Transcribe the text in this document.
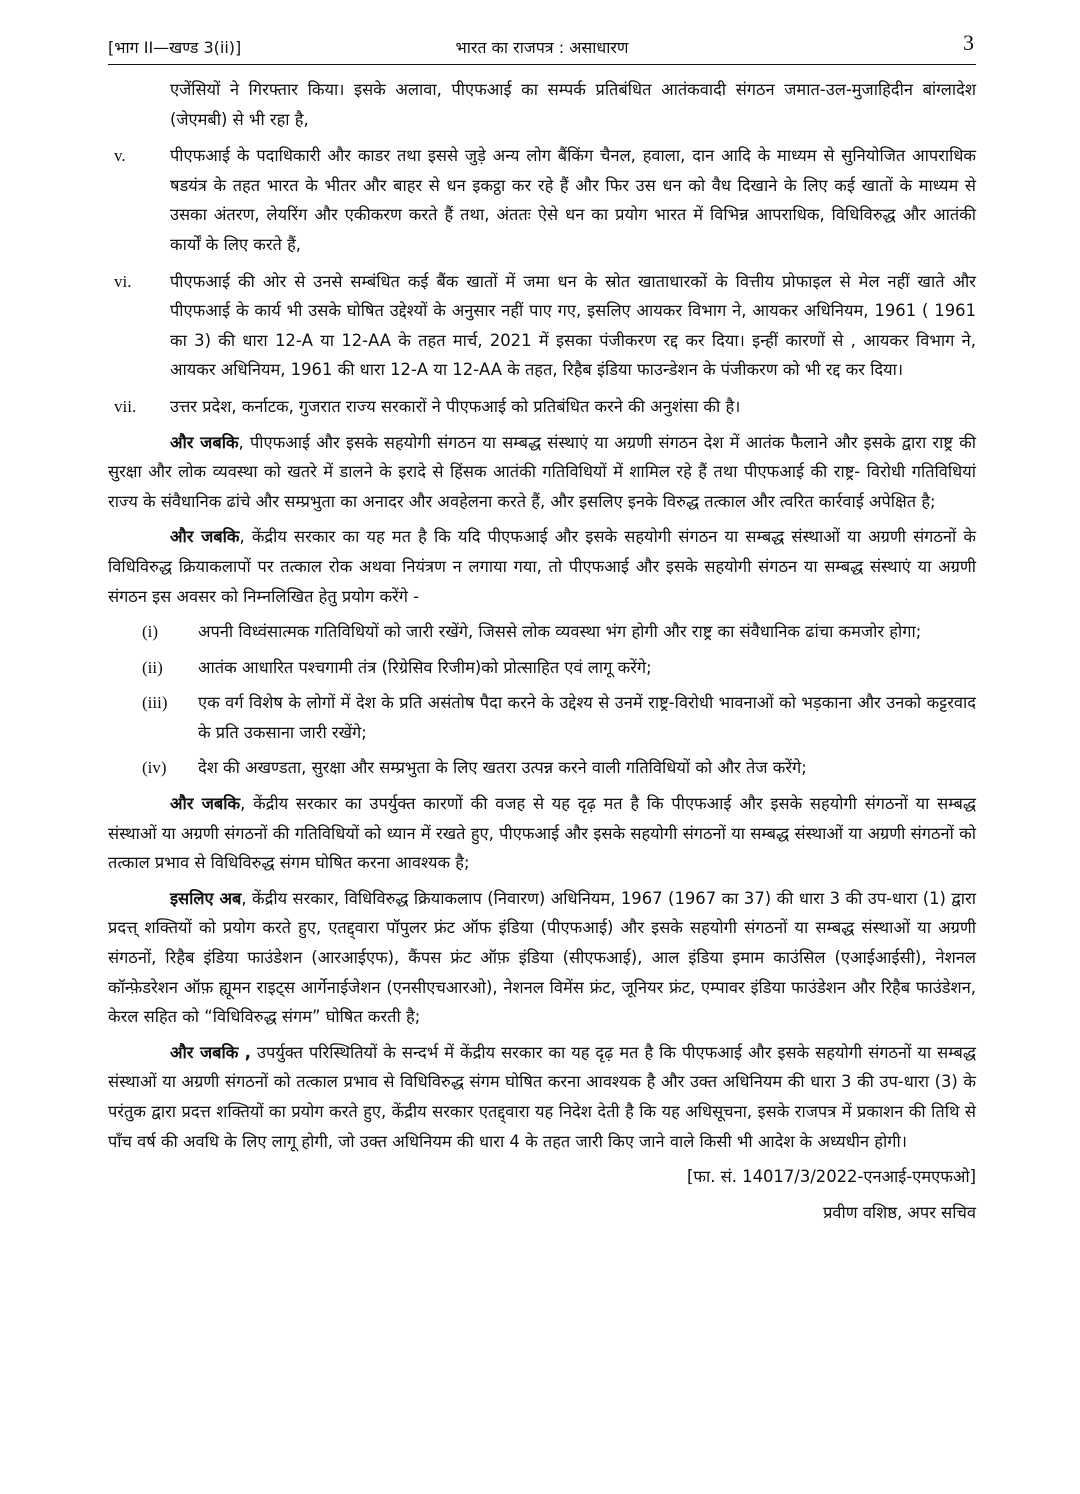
[भाग II—खण्ड 3(ii)]	भारत का राजपत्र : असाधारण	3
एजेंसियों ने गिरफ्तार किया। इसके अलावा, पीएफआई का सम्पर्क प्रतिबंधित आतंकवादी संगठन जमात-उल-मुजाहिदीन बांग्लादेश (जेएमबी) से भी रहा है,
v.	पीएफआई के पदाधिकारी और काडर तथा इससे जुड़े अन्य लोग बैंकिंग चैनल, हवाला, दान आदि के माध्यम से सुनियोजित आपराधिक षडयंत्र के तहत भारत के भीतर और बाहर से धन इकट्ठा कर रहे हैं और फिर उस धन को वैध दिखाने के लिए कई खातों के माध्यम से उसका अंतरण, लेयरिंग और एकीकरण करते हैं तथा, अंततः ऐसे धन का प्रयोग भारत में विभिन्न आपराधिक, विधिविरुद्ध और आतंकी कार्यों के लिए करते हैं,
vi.	पीएफआई की ओर से उनसे सम्बंधित कई बैंक खातों में जमा धन के स्रोत खाताधारकों के वित्तीय प्रोफाइल से मेल नहीं खाते और पीएफआई के कार्य भी उसके घोषित उद्देश्यों के अनुसार नहीं पाए गए, इसलिए आयकर विभाग ने, आयकर अधिनियम, 1961 ( 1961 का 3) की धारा 12-A या 12-AA के तहत मार्च, 2021 में इसका पंजीकरण रद्द कर दिया। इन्हीं कारणों से , आयकर विभाग ने, आयकर अधिनियम, 1961 की धारा 12-A या 12-AA के तहत, रिहैब इंडिया फाउन्डेशन के पंजीकरण को भी रद्द कर दिया।
vii.	उत्तर प्रदेश, कर्नाटक, गुजरात राज्य सरकारों ने पीएफआई को प्रतिबंधित करने की अनुशंसा की है।
और जबकि, पीएफआई और इसके सहयोगी संगठन या सम्बद्ध संस्थाएं या अग्रणी संगठन देश में आतंक फैलाने और इसके द्वारा राष्ट्र की सुरक्षा और लोक व्यवस्था को खतरे में डालने के इरादे से हिंसक आतंकी गतिविधियों में शामिल रहे हैं तथा पीएफआई की राष्ट्र- विरोधी गतिविधियां राज्य के संवैधानिक ढांचे और सम्प्रभुता का अनादर और अवहेलना करते हैं, और इसलिए इनके विरुद्ध तत्काल और त्वरित कार्रवाई अपेक्षित है;
और जबकि, केंद्रीय सरकार का यह मत है कि यदि पीएफआई और इसके सहयोगी संगठन या सम्बद्ध संस्थाओं या अग्रणी संगठनों के विधिविरुद्ध क्रियाकलापों पर तत्काल रोक अथवा नियंत्रण न लगाया गया, तो पीएफआई और इसके सहयोगी संगठन या सम्बद्ध संस्थाएं या अग्रणी संगठन इस अवसर को निम्नलिखित हेतु प्रयोग करेंगे -
(i)	अपनी विध्वंसात्मक गतिविधियों को जारी रखेंगे, जिससे लोक व्यवस्था भंग होगी और राष्ट्र का संवैधानिक ढांचा कमजोर होगा;
(ii)	आतंक आधारित पश्चगामी तंत्र (रिग्रेसिव रिजीम)को प्रोत्साहित एवं लागू करेंगे;
(iii)	एक वर्ग विशेष के लोगों में देश के प्रति असंतोष पैदा करने के उद्देश्य से उनमें राष्ट्र-विरोधी भावनाओं को भड़काना और उनको कट्टरवाद के प्रति उकसाना जारी रखेंगे;
(iv)	देश की अखण्डता, सुरक्षा और सम्प्रभुता के लिए खतरा उत्पन्न करने वाली गतिविधियों को और तेज करेंगे;
और जबकि, केंद्रीय सरकार का उपर्युक्त कारणों की वजह से यह दृढ़ मत है कि पीएफआई और इसके सहयोगी संगठनों या सम्बद्ध संस्थाओं या अग्रणी संगठनों की गतिविधियों को ध्यान में रखते हुए, पीएफआई और इसके सहयोगी संगठनों या सम्बद्ध संस्थाओं या अग्रणी संगठनों को तत्काल प्रभाव से विधिविरुद्ध संगम घोषित करना आवश्यक है;
इसलिए अब, केंद्रीय सरकार, विधिविरुद्ध क्रियाकलाप (निवारण) अधिनियम, 1967 (1967 का 37) की धारा 3 की उप-धारा (1) द्वारा प्रदत्त् शक्तियों को प्रयोग करते हुए, एतद्द्वारा पॉपुलर फ्रंट ऑफ इंडिया (पीएफआई) और इसके सहयोगी संगठनों या सम्बद्ध संस्थाओं या अग्रणी संगठनों, रिहैब इंडिया फाउंडेशन (आरआईएफ), कैंपस फ्रंट ऑफ़ इंडिया (सीएफआई), आल इंडिया इमाम काउंसिल (एआईआईसी), नेशनल कॉन्फ़ेडरेशन ऑफ़ ह्यूमन राइट्स आर्गेनाईजेशन (एनसीएचआरओ), नेशनल विमेंस फ्रंट, जूनियर फ्रंट, एम्पावर इंडिया फाउंडेशन और रिहैब फाउंडेशन, केरल सहित को “विधिविरुद्ध संगम” घोषित करती है;
और जबकि , उपर्युक्त परिस्थितियों के सन्दर्भ में केंद्रीय सरकार का यह दृढ़ मत है कि पीएफआई और इसके सहयोगी संगठनों या सम्बद्ध संस्थाओं या अग्रणी संगठनों को तत्काल प्रभाव से विधिविरुद्ध संगम घोषित करना आवश्यक है और उक्त अधिनियम की धारा 3 की उप-धारा (3) के परंतुक द्वारा प्रदत्त शक्तियों का प्रयोग करते हुए, केंद्रीय सरकार एतद्द्वारा यह निदेश देती है कि यह अधिसूचना, इसके राजपत्र में प्रकाशन की तिथि से पाँच वर्ष की अवधि के लिए लागू होगी, जो उक्त अधिनियम की धारा 4 के तहत जारी किए जाने वाले किसी भी आदेश के अध्यधीन होगी।
[फा. सं. 14017/3/2022-एनआई-एमएफओ]
प्रवीण वशिष्ठ, अपर सचिव
